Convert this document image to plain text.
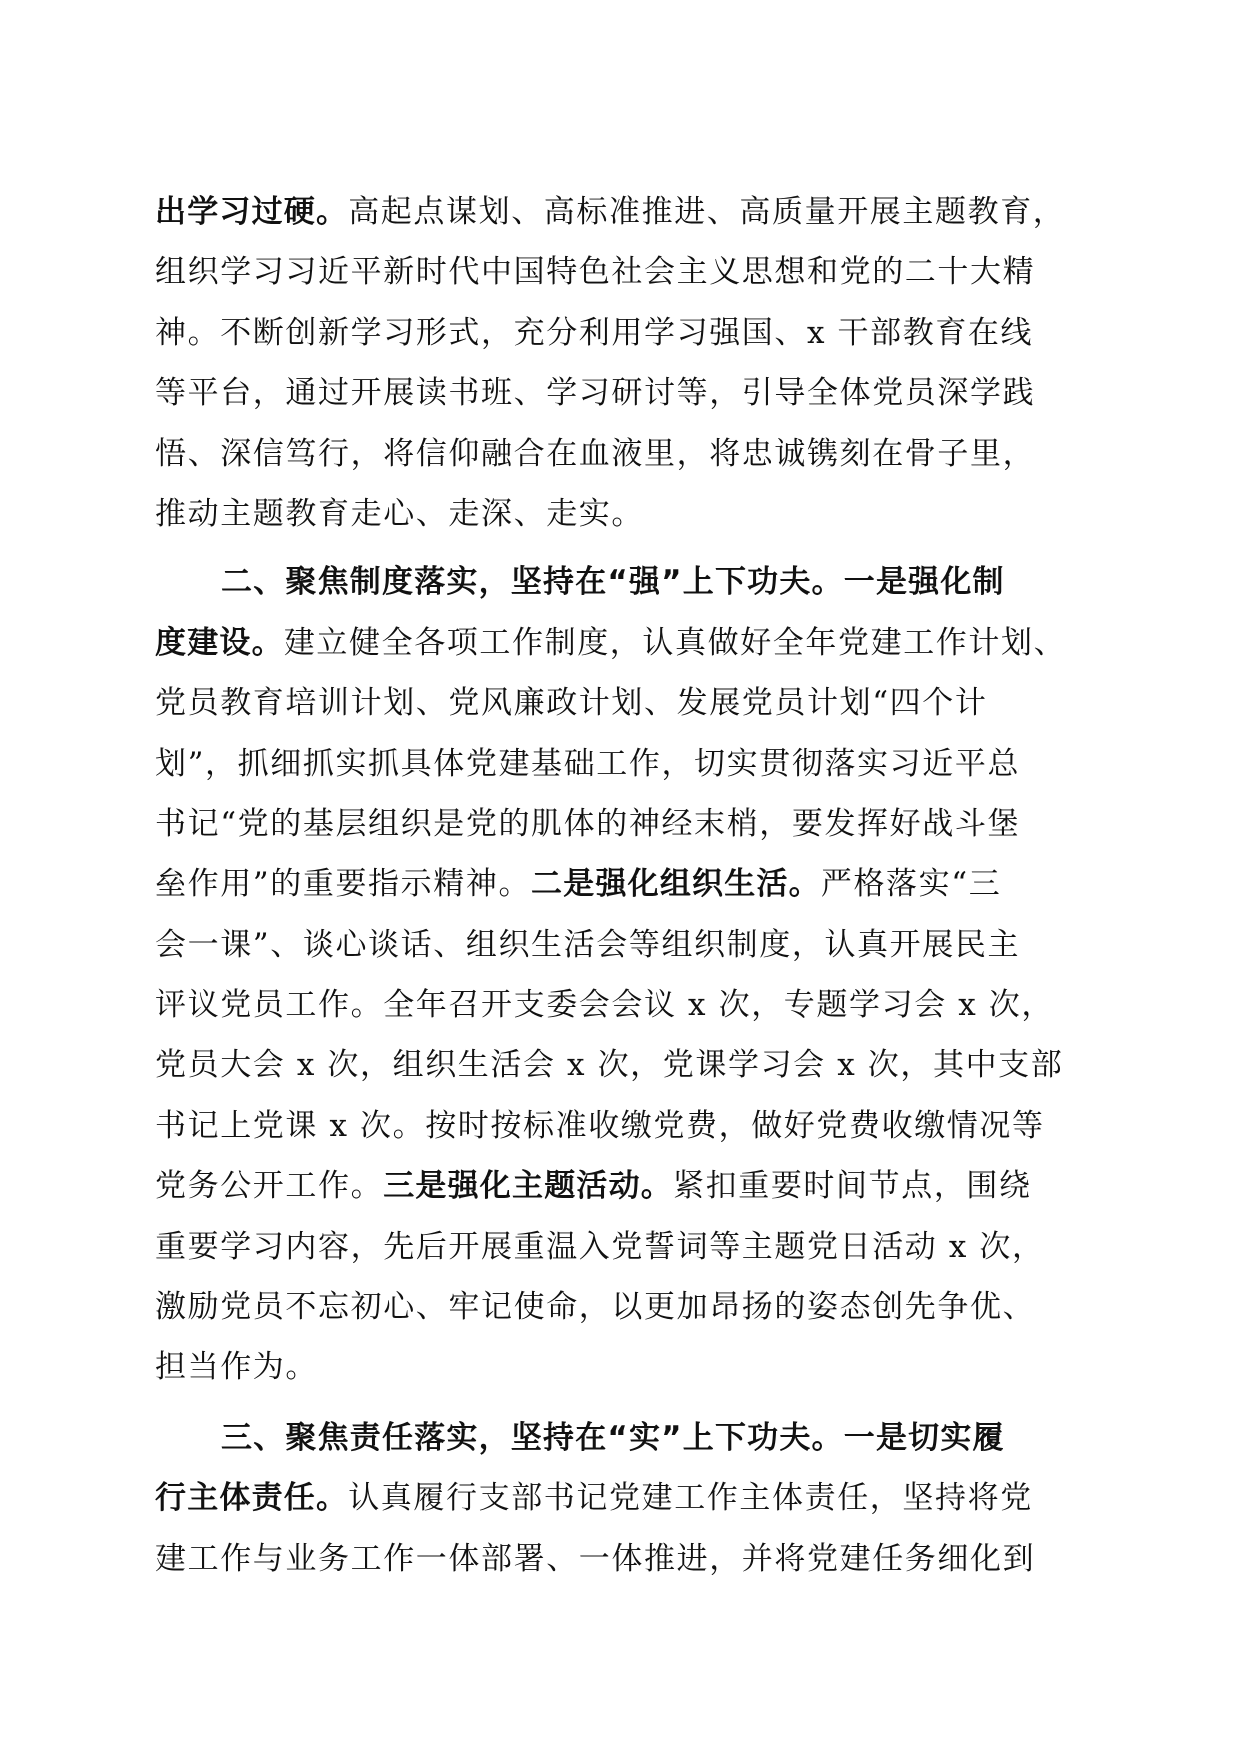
出学习过硬。高起点谋划、高标准推进、高质量开展主题教育，
组织学习习近平新时代中国特色社会主义思想和党的二十大精
神。不断创新学习形式，充分利用学习强国、x 干部教育在线
等平台，通过开展读书班、学习研讨等，引导全体党员深学践
悟、深信笃行，将信仰融合在血液里，将忠诚镌刻在骨子里，
推动主题教育走心、走深、走实。
二、聚焦制度落实，坚持在“强”上下功夫。一是强化制
度建设。建立健全各项工作制度，认真做好全年党建工作计划、
党员教育培训计划、党风廉政计划、发展党员计划“四个计
划”，抓细抓实抓具体党建基础工作，切实贯彻落实习近平总
书记“党的基层组织是党的肌体的神经末梢，要发挥好战斗堡
垒作用”的重要指示精神。二是强化组织生活。严格落实“三
会一课”、谈心谈话、组织生活会等组织制度，认真开展民主
评议党员工作。全年召开支委会会议 x 次，专题学习会 x 次，
党员大会 x 次，组织生活会 x 次，党课学习会 x 次，其中支部
书记上党课 x 次。按时按标准收缴党费，做好党费收缴情况等
党务公开工作。三是强化主题活动。紧扣重要时间节点，围绕
重要学习内容，先后开展重温入党誓词等主题党日活动 x 次，
激励党员不忘初心、牢记使命，以更加昂扬的姿态创先争优、
担当作为。
三、聚焦责任落实，坚持在“实”上下功夫。一是切实履
行主体责任。认真履行支部书记党建工作主体责任，坚持将党
建工作与业务工作一体部署、一体推进，并将党建任务细化到
